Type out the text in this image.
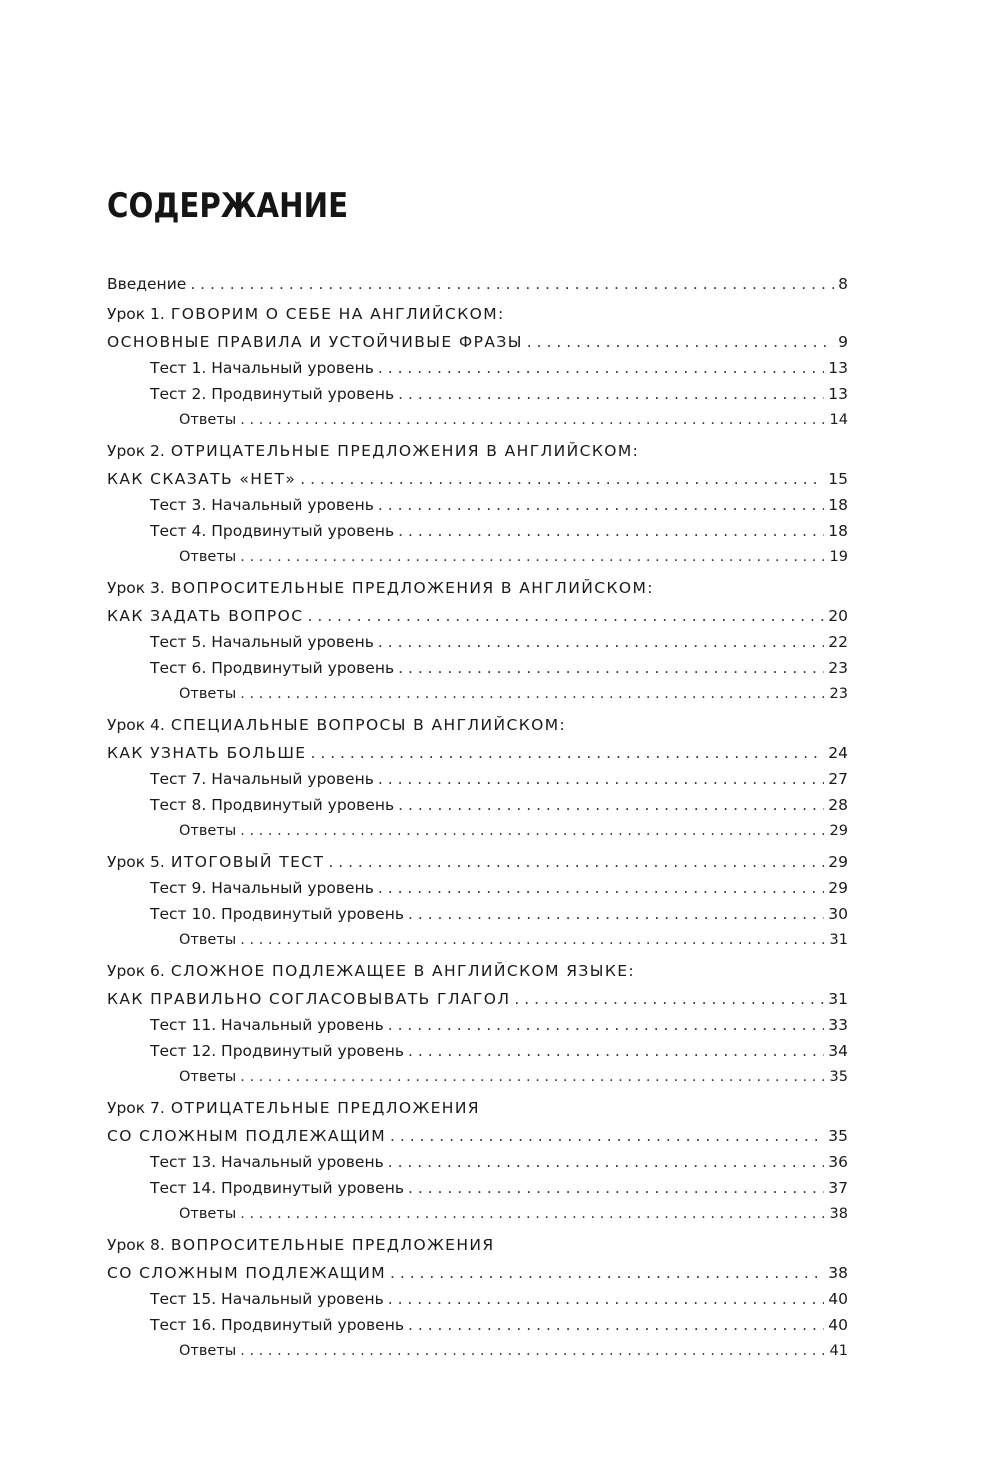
СОДЕРЖАНИЕ
Введение . . .	8
Урок 1. ГОВОРИМ О СЕБЕ НА АНГЛИЙСКОМ:
ОСНОВНЫЕ ПРАВИЛА И УСТОЙЧИВЫЕ ФРАЗЫ . . .	9
Тест 1. Начальный уровень . . .	13
Тест 2. Продвинутый уровень . . .	13
Ответы . . .	14
Урок 2. ОТРИЦАТЕЛЬНЫЕ ПРЕДЛОЖЕНИЯ В АНГЛИЙСКОМ:
КАК СКАЗАТЬ «НЕТ» . . .	15
Тест 3. Начальный уровень . . .	18
Тест 4. Продвинутый уровень . . .	18
Ответы . . .	19
Урок 3. ВОПРОСИТЕЛЬНЫЕ ПРЕДЛОЖЕНИЯ В АНГЛИЙСКОМ:
КАК ЗАДАТЬ ВОПРОС . . .	20
Тест 5. Начальный уровень . . .	22
Тест 6. Продвинутый уровень . . .	23
Ответы . . .	23
Урок 4. СПЕЦИАЛЬНЫЕ ВОПРОСЫ В АНГЛИЙСКОМ:
КАК УЗНАТЬ БОЛЬШЕ . . .	24
Тест 7. Начальный уровень . . .	27
Тест 8. Продвинутый уровень . . .	28
Ответы . . .	29
Урок 5. ИТОГОВЫЙ ТЕСТ . . .	29
Тест 9. Начальный уровень . . .	29
Тест 10. Продвинутый уровень . . .	30
Ответы . . .	31
Урок 6. СЛОЖНОЕ ПОДЛЕЖАЩЕЕ В АНГЛИЙСКОМ ЯЗЫКЕ:
КАК ПРАВИЛЬНО СОГЛАСОВЫВАТЬ ГЛАГОЛ . . .	31
Тест 11. Начальный уровень . . .	33
Тест 12. Продвинутый уровень . . .	34
Ответы . . .	35
Урок 7. ОТРИЦАТЕЛЬНЫЕ ПРЕДЛОЖЕНИЯ
СО СЛОЖНЫМ ПОДЛЕЖАЩИМ . . .	35
Тест 13. Начальный уровень . . .	36
Тест 14. Продвинутый уровень . . .	37
Ответы . . .	38
Урок 8. ВОПРОСИТЕЛЬНЫЕ ПРЕДЛОЖЕНИЯ
СО СЛОЖНЫМ ПОДЛЕЖАЩИМ . . .	38
Тест 15. Начальный уровень . . .	40
Тест 16. Продвинутый уровень . . .	40
Ответы . . .	41
